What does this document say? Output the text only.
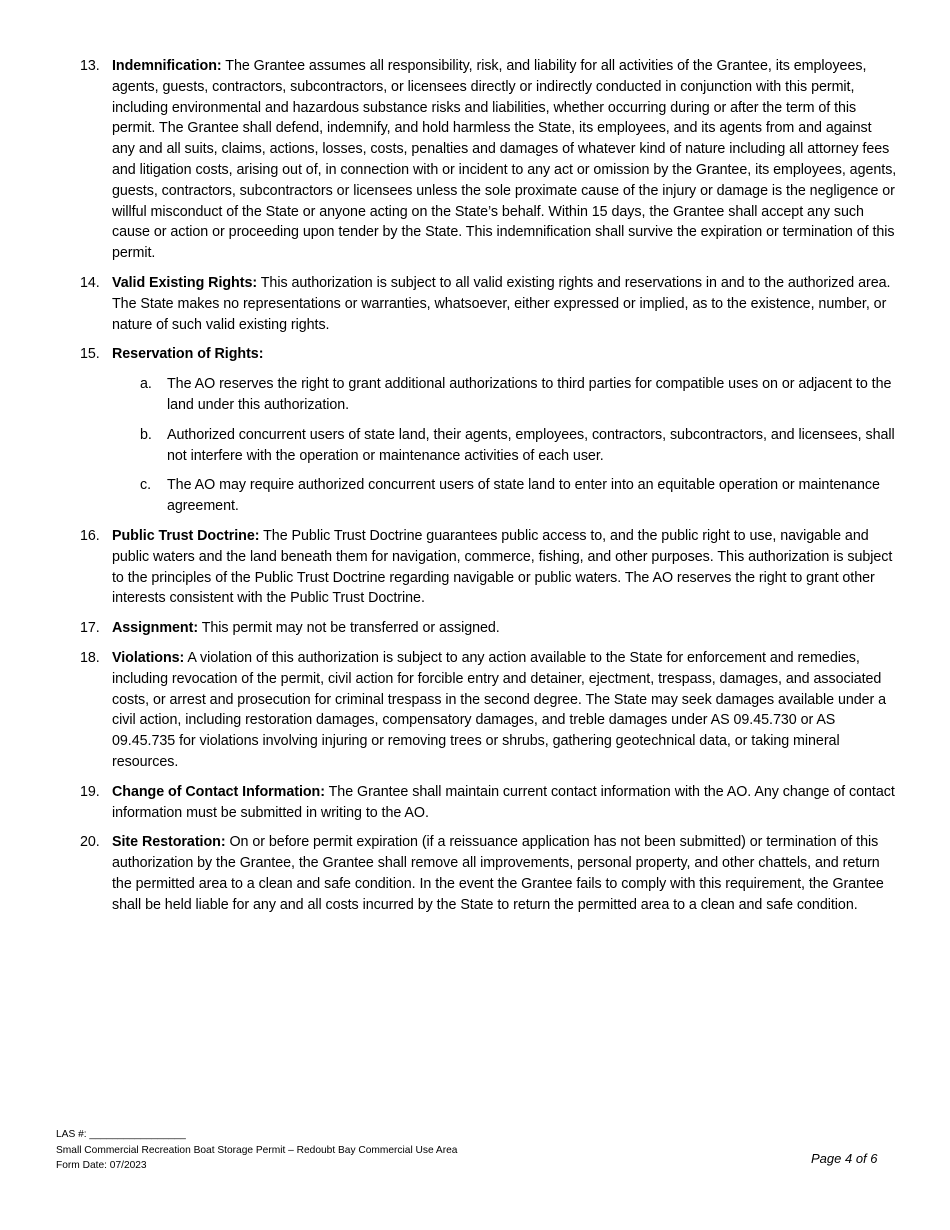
13. Indemnification: The Grantee assumes all responsibility, risk, and liability for all activities of the Grantee, its employees, agents, guests, contractors, subcontractors, or licensees directly or indirectly conducted in conjunction with this permit, including environmental and hazardous substance risks and liabilities, whether occurring during or after the term of this permit. The Grantee shall defend, indemnify, and hold harmless the State, its employees, and its agents from and against any and all suits, claims, actions, losses, costs, penalties and damages of whatever kind of nature including all attorney fees and litigation costs, arising out of, in connection with or incident to any act or omission by the Grantee, its employees, agents, guests, contractors, subcontractors or licensees unless the sole proximate cause of the injury or damage is the negligence or willful misconduct of the State or anyone acting on the State’s behalf. Within 15 days, the Grantee shall accept any such cause or action or proceeding upon tender by the State. This indemnification shall survive the expiration or termination of this permit.
14. Valid Existing Rights: This authorization is subject to all valid existing rights and reservations in and to the authorized area. The State makes no representations or warranties, whatsoever, either expressed or implied, as to the existence, number, or nature of such valid existing rights.
15. Reservation of Rights:
a.	The AO reserves the right to grant additional authorizations to third parties for compatible uses on or adjacent to the land under this authorization.
b.	Authorized concurrent users of state land, their agents, employees, contractors, subcontractors, and licensees, shall not interfere with the operation or maintenance activities of each user.
c.	The AO may require authorized concurrent users of state land to enter into an equitable operation or maintenance agreement.
16. Public Trust Doctrine: The Public Trust Doctrine guarantees public access to, and the public right to use, navigable and public waters and the land beneath them for navigation, commerce, fishing, and other purposes. This authorization is subject to the principles of the Public Trust Doctrine regarding navigable or public waters. The AO reserves the right to grant other interests consistent with the Public Trust Doctrine.
17. Assignment: This permit may not be transferred or assigned.
18. Violations: A violation of this authorization is subject to any action available to the State for enforcement and remedies, including revocation of the permit, civil action for forcible entry and detainer, ejectment, trespass, damages, and associated costs, or arrest and prosecution for criminal trespass in the second degree. The State may seek damages available under a civil action, including restoration damages, compensatory damages, and treble damages under AS 09.45.730 or AS 09.45.735 for violations involving injuring or removing trees or shrubs, gathering geotechnical data, or taking mineral resources.
19. Change of Contact Information: The Grantee shall maintain current contact information with the AO. Any change of contact information must be submitted in writing to the AO.
20. Site Restoration: On or before permit expiration (if a reissuance application has not been submitted) or termination of this authorization by the Grantee, the Grantee shall remove all improvements, personal property, and other chattels, and return the permitted area to a clean and safe condition. In the event the Grantee fails to comply with this requirement, the Grantee shall be held liable for any and all costs incurred by the State to return the permitted area to a clean and safe condition.
LAS #: _________________
Small Commercial Recreation Boat Storage Permit – Redoubt Bay Commercial Use Area
Form Date: 07/2023	Page 4 of 6
